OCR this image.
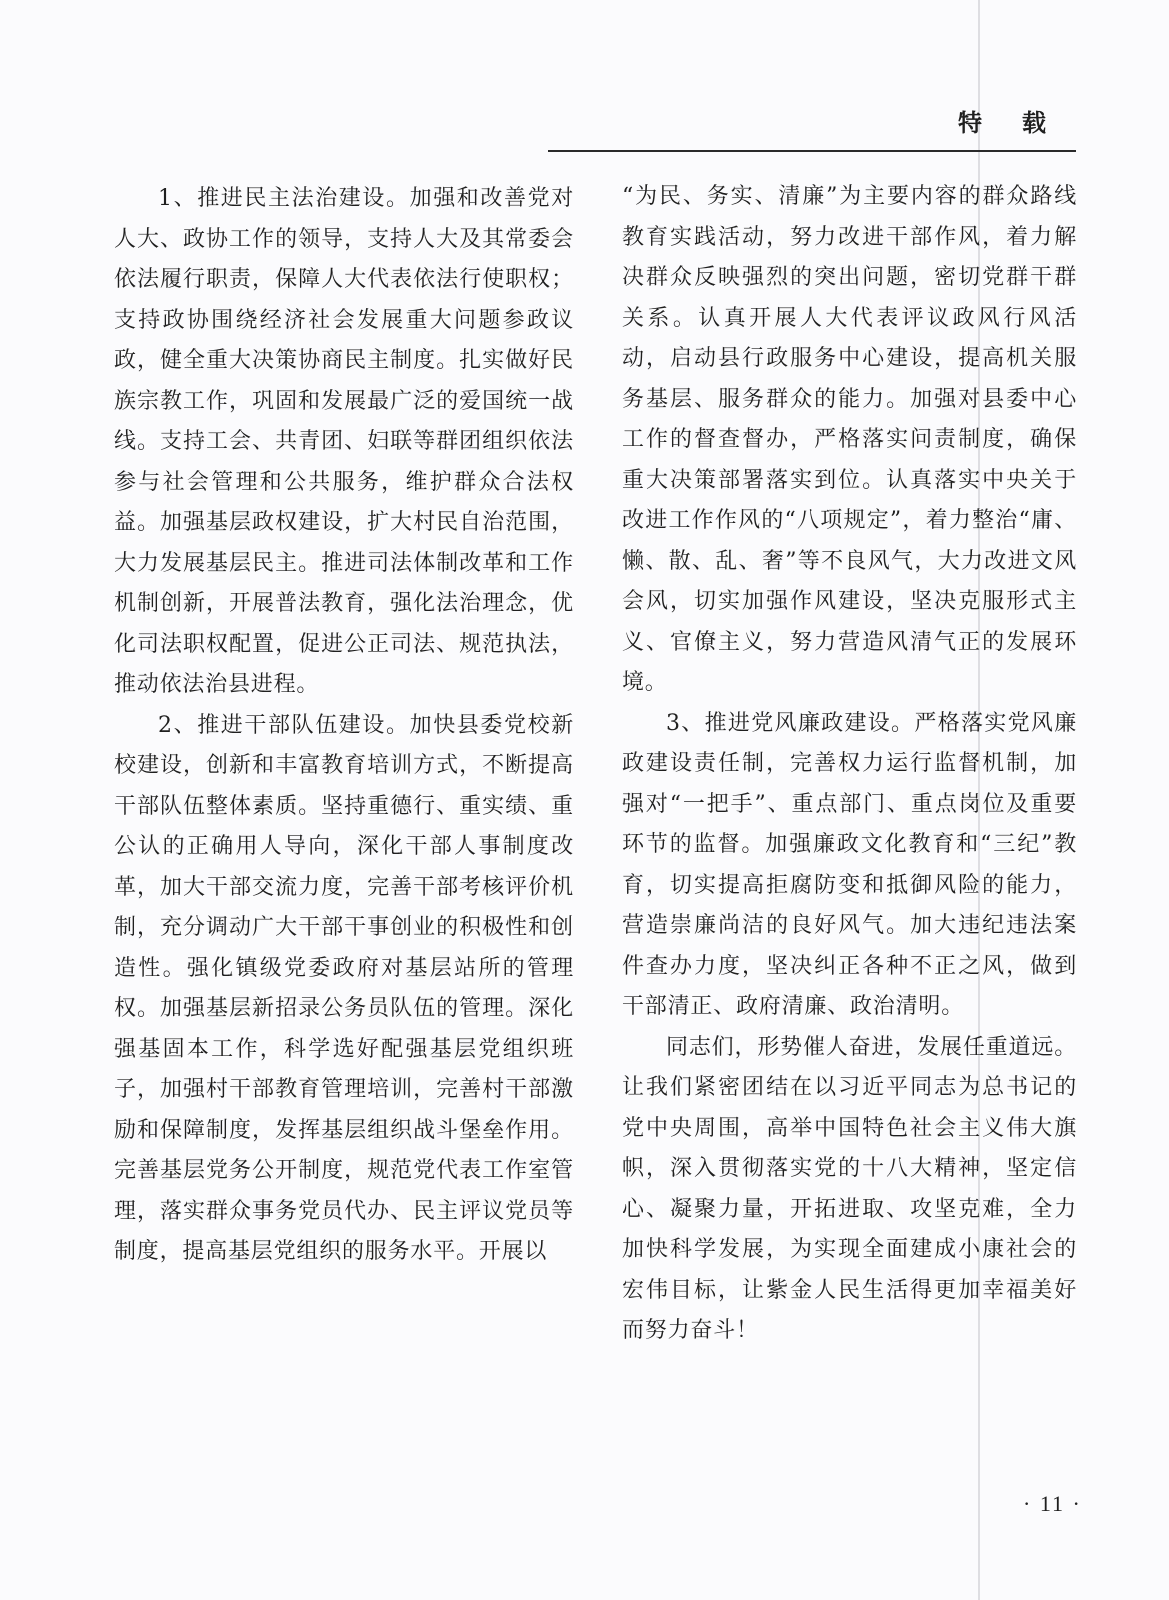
特载

1、推进民主法治建设。加强和改善党对人大、政协工作的领导，支持人大及其常委会依法履行职责，保障人大代表依法行使职权；支持政协围绕经济社会发展重大问题参政议政，健全重大决策协商民主制度。扎实做好民族宗教工作，巩固和发展最广泛的爱国统一战线。支持工会、共青团、妇联等群团组织依法参与社会管理和公共服务，维护群众合法权益。加强基层政权建设，扩大村民自治范围，大力发展基层民主。推进司法体制改革和工作机制创新，开展普法教育，强化法治理念，优化司法职权配置，促进公正司法、规范执法，推动依法治县进程。

2、推进干部队伍建设。加快县委党校新校建设，创新和丰富教育培训方式，不断提高干部队伍整体素质。坚持重德行、重实绩、重公认的正确用人导向，深化干部人事制度改革，加大干部交流力度，完善干部考核评价机制，充分调动广大干部干事创业的积极性和创造性。强化镇级党委政府对基层站所的管理权。加强基层新招录公务员队伍的管理。深化强基固本工作，科学选好配强基层党组织班子，加强村干部教育管理培训，完善村干部激励和保障制度，发挥基层组织战斗堡垒作用。完善基层党务公开制度，规范党代表工作室管理，落实群众事务党员代办、民主评议党员等制度，提高基层党组织的服务水平。开展以

“为民、务实、清廉”为主要内容的群众路线教育实践活动，努力改进干部作风，着力解决群众反映强烈的突出问题，密切党群干群关系。认真开展人大代表评议政风行风活动，启动县行政服务中心建设，提高机关服务基层、服务群众的能力。加强对县委中心工作的督查督办，严格落实问责制度，确保重大决策部署落实到位。认真落实中央关于改进工作作风的“八项规定”，着力整治“庸、懒、散、乱、奢”等不良风气，大力改进文风会风，切实加强作风建设，坚决克服形式主义、官僚主义，努力营造风清气正的发展环境。

3、推进党风廉政建设。严格落实党风廉政建设责任制，完善权力运行监督机制，加强对“一把手”、重点部门、重点岗位及重要环节的监督。加强廉政文化教育和“三纪”教育，切实提高拒腐防变和抵御风险的能力，营造崇廉尚洁的良好风气。加大违纪违法案件查办力度，坚决纠正各种不正之风，做到干部清正、政府清廉、政治清明。

同志们，形势催人奋进，发展任重道远。让我们紧密团结在以习近平同志为总书记的党中央周围，高举中国特色社会主义伟大旗帜，深入贯彻落实党的十八大精神，坚定信心、凝聚力量，开拓进取、攻坚克难，全力加快科学发展，为实现全面建成小康社会的宏伟目标，让紫金人民生活得更加幸福美好而努力奋斗！

· 11 ·
